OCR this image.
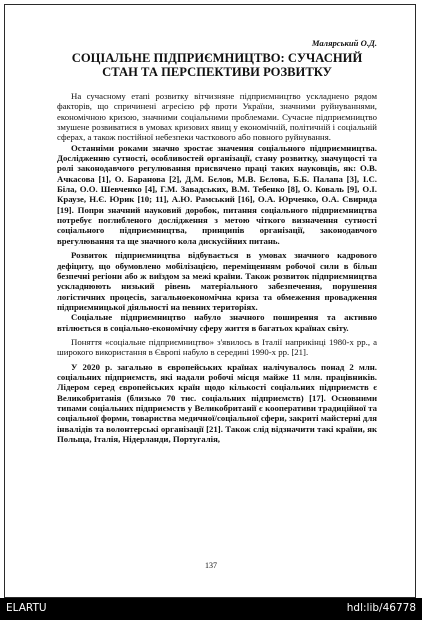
Малярський О.Д.

СОЦІАЛЬНЕ ПІДПРИЄМНИЦТВО: СУЧАСНИЙ
СТАН ТА ПЕРСПЕКТИВИ РОЗВИТКУ

На сучасному етапі розвитку вітчизняне підприємництво ускладнено рядом факторів, що спричинені агресією рф проти України, значними руйнуваннями, економічною кризою, значними соціальними проблемами. Сучасне підприємництво змушене розвиватися в умовах кризових явищ у економічній, політичній і соціальній сферах, а також постійної небезпеки часткового або повного руйнування.

Останніми роками значно зростає значення соціального підприємництва. Дослідженню сутності, особливостей організації, стану розвитку, значущості та ролі законодавчого регулювання присвячено праці таких науковців, як: О.В. Ачкасова [1], О. Баранова [2], Д.М. Бєлов, М.В. Бєлова, Б.Б. Палапа [3], І.С. Біла, О.О. Шевченко [4], Г.М. Завадських, В.М. Тебенко [8], О. Коваль [9], О.І. Краузе, Н.Є. Юрик [10; 11], А.Ю. Рамський [16], О.А. Юрченко, О.А. Свирида [19]. Попри значний науковий доробок, питання соціального підприємництва потребує поглибленого дослідження з метою чіткого визначення сутності соціального підприємництва, принципів організації, законодавчого врегулювання та ще значного кола дискусійних питань.

Розвиток підприємництва відбувається в умовах значного кадрового дефіциту, що обумовлено мобілізацією, переміщенням робочої сили в більш безпечні регіони або ж виїздом за межі країни. Також розвиток підприємництва ускладнюють низький рівень матеріального забезпечення, порушення логістичних процесів, загальноекономічна криза та обмеження провадження підприємницької діяльності на певних територіях.

Соціальне підприємництво набуло значного поширення та активно втілюється в соціально-економічну сферу життя в багатьох країнах світу.

Поняття «соціальне підприємництво» з'явилось в Італії наприкінці 1980-х рр., а широкого використання в Європі набуло в середині 1990-х рр. [21].

У 2020 р. загально в європейських країнах налічувалось понад 2 млн. соціальних підприємств, які надали робочі місця майже 11 млн. працівників. Лідером серед європейських країн щодо кількості соціальних підприємств є Великобританія (близько 70 тис. соціальних підприємств) [17]. Основними типами соціальних підприємств у Великобританії є кооперативи традиційної та соціальної форми, товариства медичної/соціальної сфери, закриті майстерні для інвалідів та волонтерські організації [21]. Також слід відзначити такі країни, як Польща, Італія, Нідерланди, Португалія,

137
ELARTU	hdl:lib/46778
